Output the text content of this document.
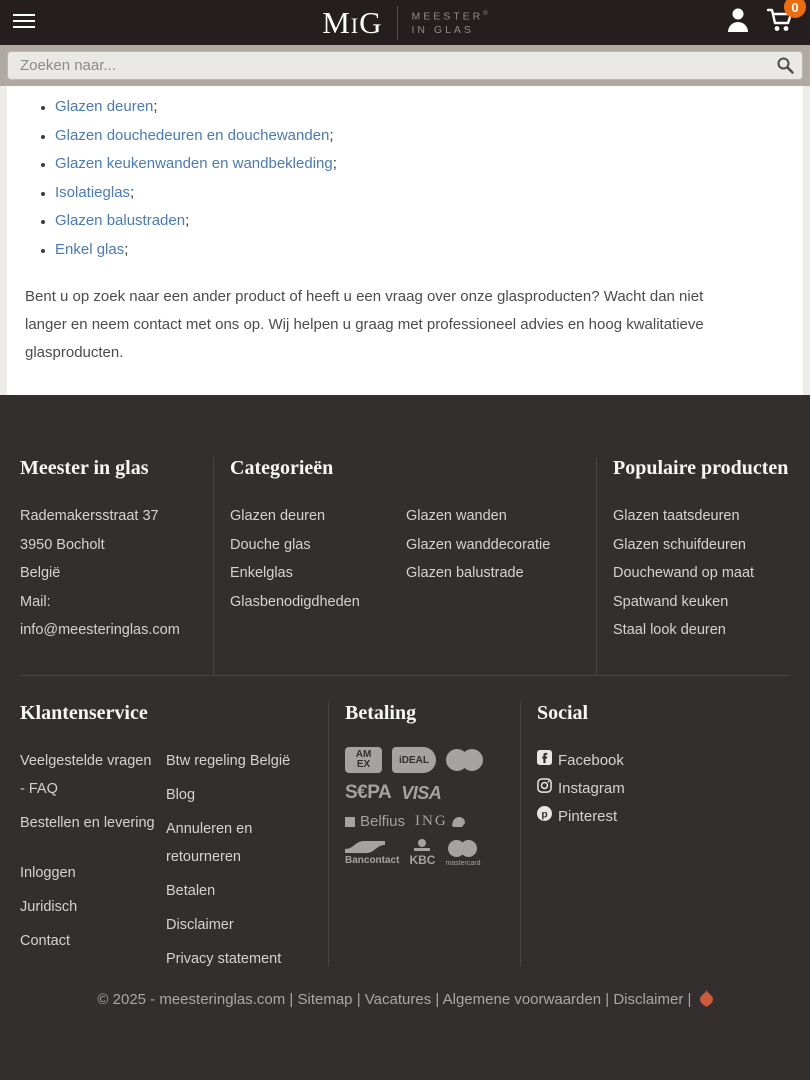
MIG	MEESTER®
IN GLAS
0
Zoeken naar...
• Glazen deuren;
• Glazen douchedeuren en douchewanden;
• Glazen keukenwanden en wandbekleding;
• Isolatieglas;
• Glazen balustraden;
• Enkel glas;

Bent u op zoek naar een ander product of heeft u een vraag over onze glasproducten? Wacht dan niet langer en neem contact met ons op. Wij helpen u graag met professioneel advies en hoog kwalitatieve glasproducten.

Meester in glas
Rademakersstraat 37
3950 Bocholt
België
Mail:
info@meesteringlas.com
Categorieën
Glazen deuren
Douche glas
Enkelglas
Glasbenodigdheden
Glazen wanden
Glazen wanddecoratie
Glazen balustrade
Populaire producten
Glazen taatsdeuren
Glazen schuifdeuren
Douchewand op maat
Spatwand keuken
Staal look deuren
Klantenservice
Veelgestelde vragen - FAQ
Bestellen en levering
Inloggen
Juridisch
Contact
Btw regeling België
Blog
Annuleren en retourneren
Betalen
Disclaimer
Privacy statement
Betaling
AM
EX	iDEAL
S€PA VISA
Belfius ING
Bancontact KBC mastercard
Social
Facebook
Instagram
p Pinterest
© 2025 - meesteringlas.com | Sitemap | Vacatures | Algemene voorwaarden | Disclaimer |
